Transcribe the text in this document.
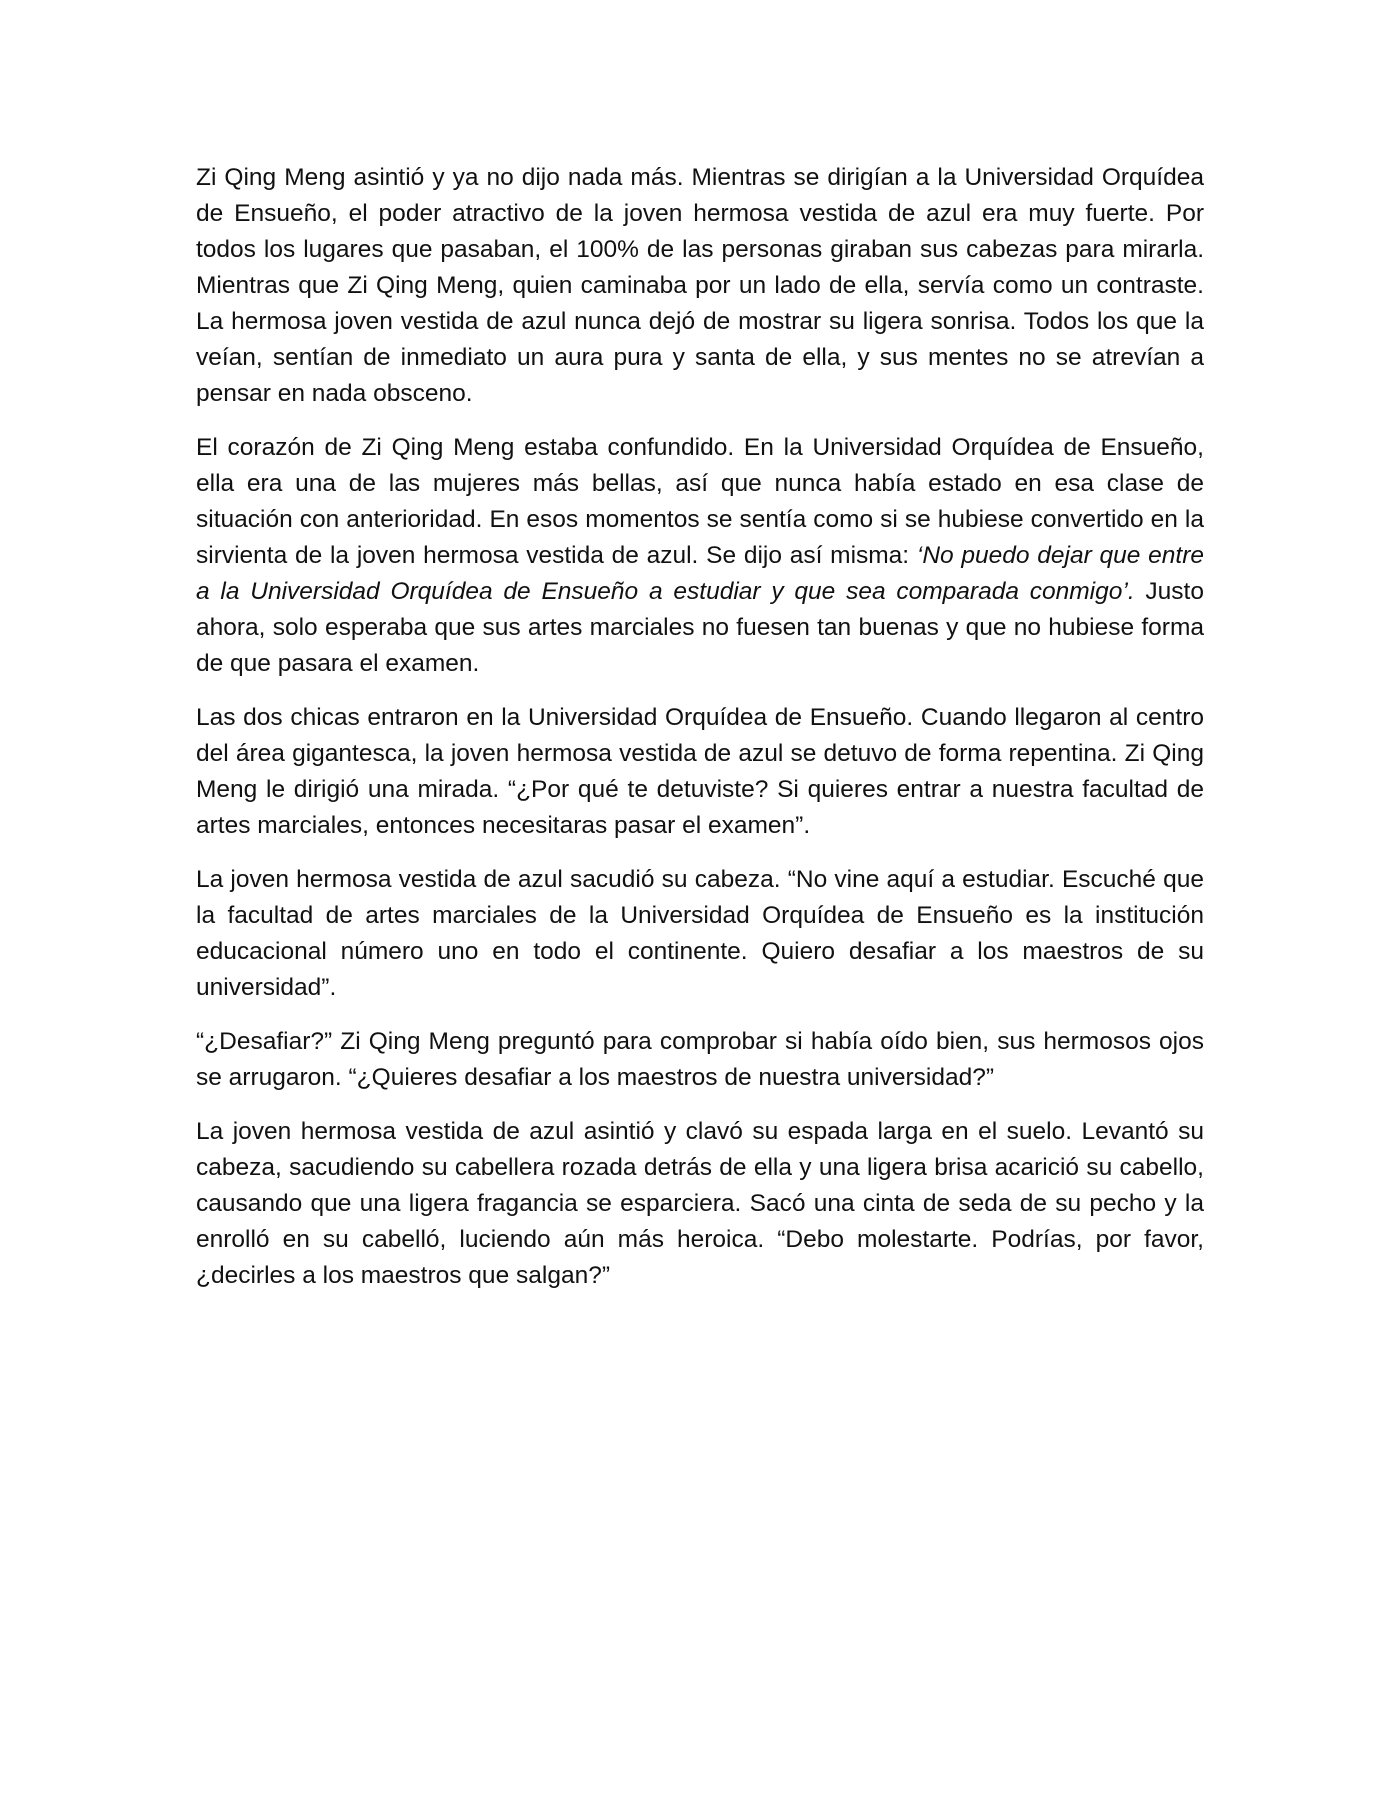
Zi Qing Meng asintió y ya no dijo nada más. Mientras se dirigían a la Universidad Orquídea de Ensueño, el poder atractivo de la joven hermosa vestida de azul era muy fuerte. Por todos los lugares que pasaban, el 100% de las personas giraban sus cabezas para mirarla. Mientras que Zi Qing Meng, quien caminaba por un lado de ella, servía como un contraste. La hermosa joven vestida de azul nunca dejó de mostrar su ligera sonrisa. Todos los que la veían, sentían de inmediato un aura pura y santa de ella, y sus mentes no se atrevían a pensar en nada obsceno.

El corazón de Zi Qing Meng estaba confundido. En la Universidad Orquídea de Ensueño, ella era una de las mujeres más bellas, así que nunca había estado en esa clase de situación con anterioridad. En esos momentos se sentía como si se hubiese convertido en la sirvienta de la joven hermosa vestida de azul. Se dijo así misma: ‘No puedo dejar que entre a la Universidad Orquídea de Ensueño a estudiar y que sea comparada conmigo’. Justo ahora, solo esperaba que sus artes marciales no fuesen tan buenas y que no hubiese forma de que pasara el examen.

Las dos chicas entraron en la Universidad Orquídea de Ensueño. Cuando llegaron al centro del área gigantesca, la joven hermosa vestida de azul se detuvo de forma repentina. Zi Qing Meng le dirigió una mirada. “¿Por qué te detuviste? Si quieres entrar a nuestra facultad de artes marciales, entonces necesitaras pasar el examen”.

La joven hermosa vestida de azul sacudió su cabeza. “No vine aquí a estudiar. Escuché que la facultad de artes marciales de la Universidad Orquídea de Ensueño es la institución educacional número uno en todo el continente. Quiero desafiar a los maestros de su universidad”.

“¿Desafiar?” Zi Qing Meng preguntó para comprobar si había oído bien, sus hermosos ojos se arrugaron. “¿Quieres desafiar a los maestros de nuestra universidad?”

La joven hermosa vestida de azul asintió y clavó su espada larga en el suelo. Levantó su cabeza, sacudiendo su cabellera rozada detrás de ella y una ligera brisa acarició su cabello, causando que una ligera fragancia se esparciera. Sacó una cinta de seda de su pecho y la enrolló en su cabelló, luciendo aún más heroica. “Debo molestarte. Podrías, por favor, ¿decirles a los maestros que salgan?”
